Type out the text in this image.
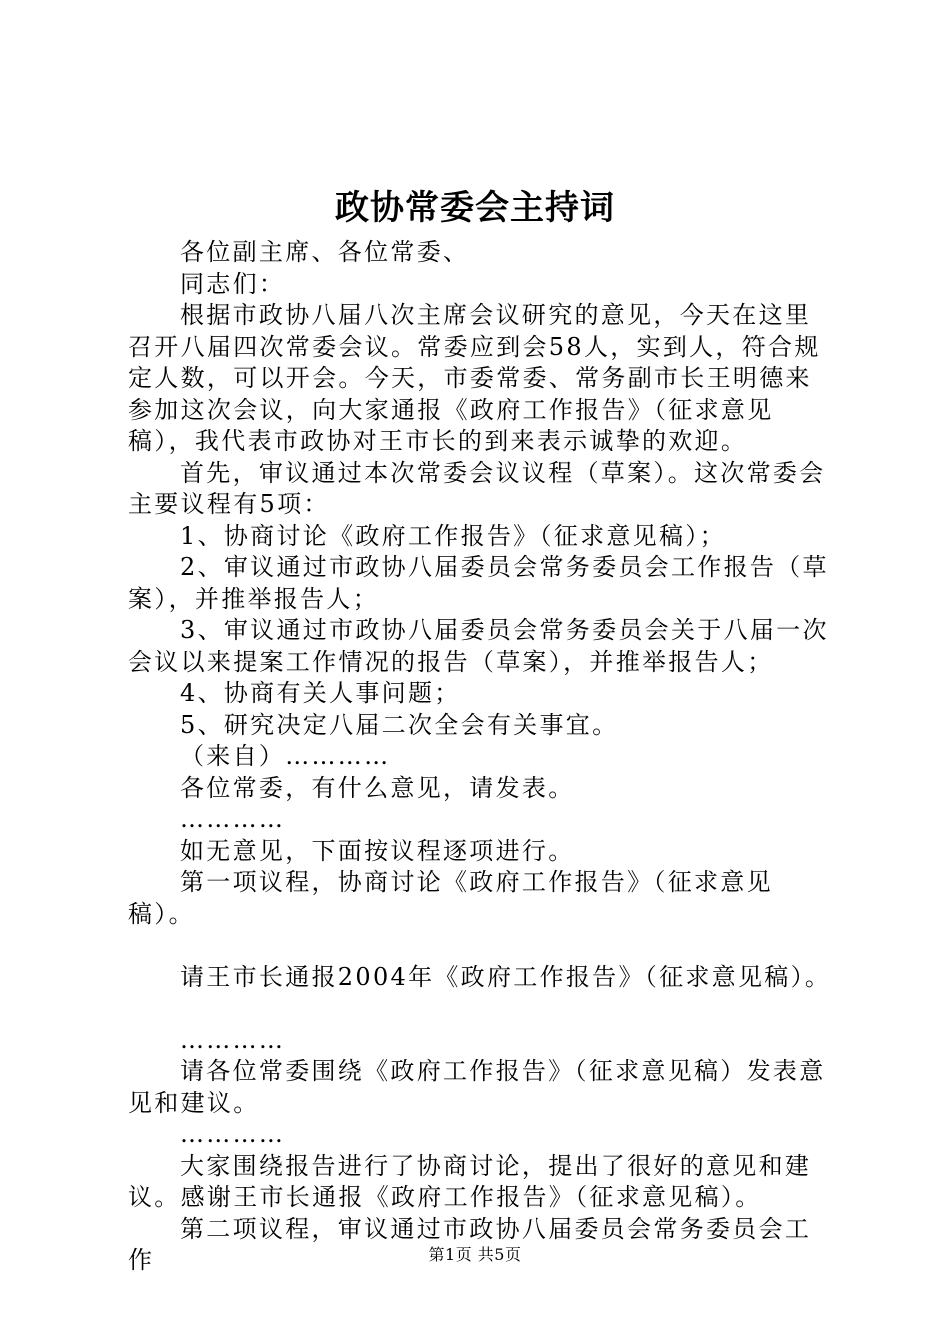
政协常委会主持词

各位副主席、各位常委、

同志们：

根据市政协八届八次主席会议研究的意见，今天在这里召开八届四次常委会议。常委应到会58人，实到人，符合规定人数，可以开会。今天，市委常委、常务副市长王明德来参加这次会议，向大家通报《政府工作报告》（征求意见稿），我代表市政协对王市长的到来表示诚挚的欢迎。

首先，审议通过本次常委会议议程（草案）。这次常委会主要议程有5项：

1、协商讨论《政府工作报告》（征求意见稿）；

2、审议通过市政协八届委员会常务委员会工作报告（草案），并推举报告人；

3、审议通过市政协八届委员会常务委员会关于八届一次会议以来提案工作情况的报告（草案），并推举报告人；

4、协商有关人事问题；

5、研究决定八届二次全会有关事宜。

（来自）…………

各位常委，有什么意见，请发表。

…………

如无意见，下面按议程逐项进行。

第一项议程，协商讨论《政府工作报告》（征求意见稿）。

请王市长通报2004年《政府工作报告》（征求意见稿）。

…………

请各位常委围绕《政府工作报告》（征求意见稿）发表意见和建议。

…………

大家围绕报告进行了协商讨论，提出了很好的意见和建议。感谢王市长通报《政府工作报告》（征求意见稿）。

第二项议程，审议通过市政协八届委员会常务委员会工作	第1页 共5页
